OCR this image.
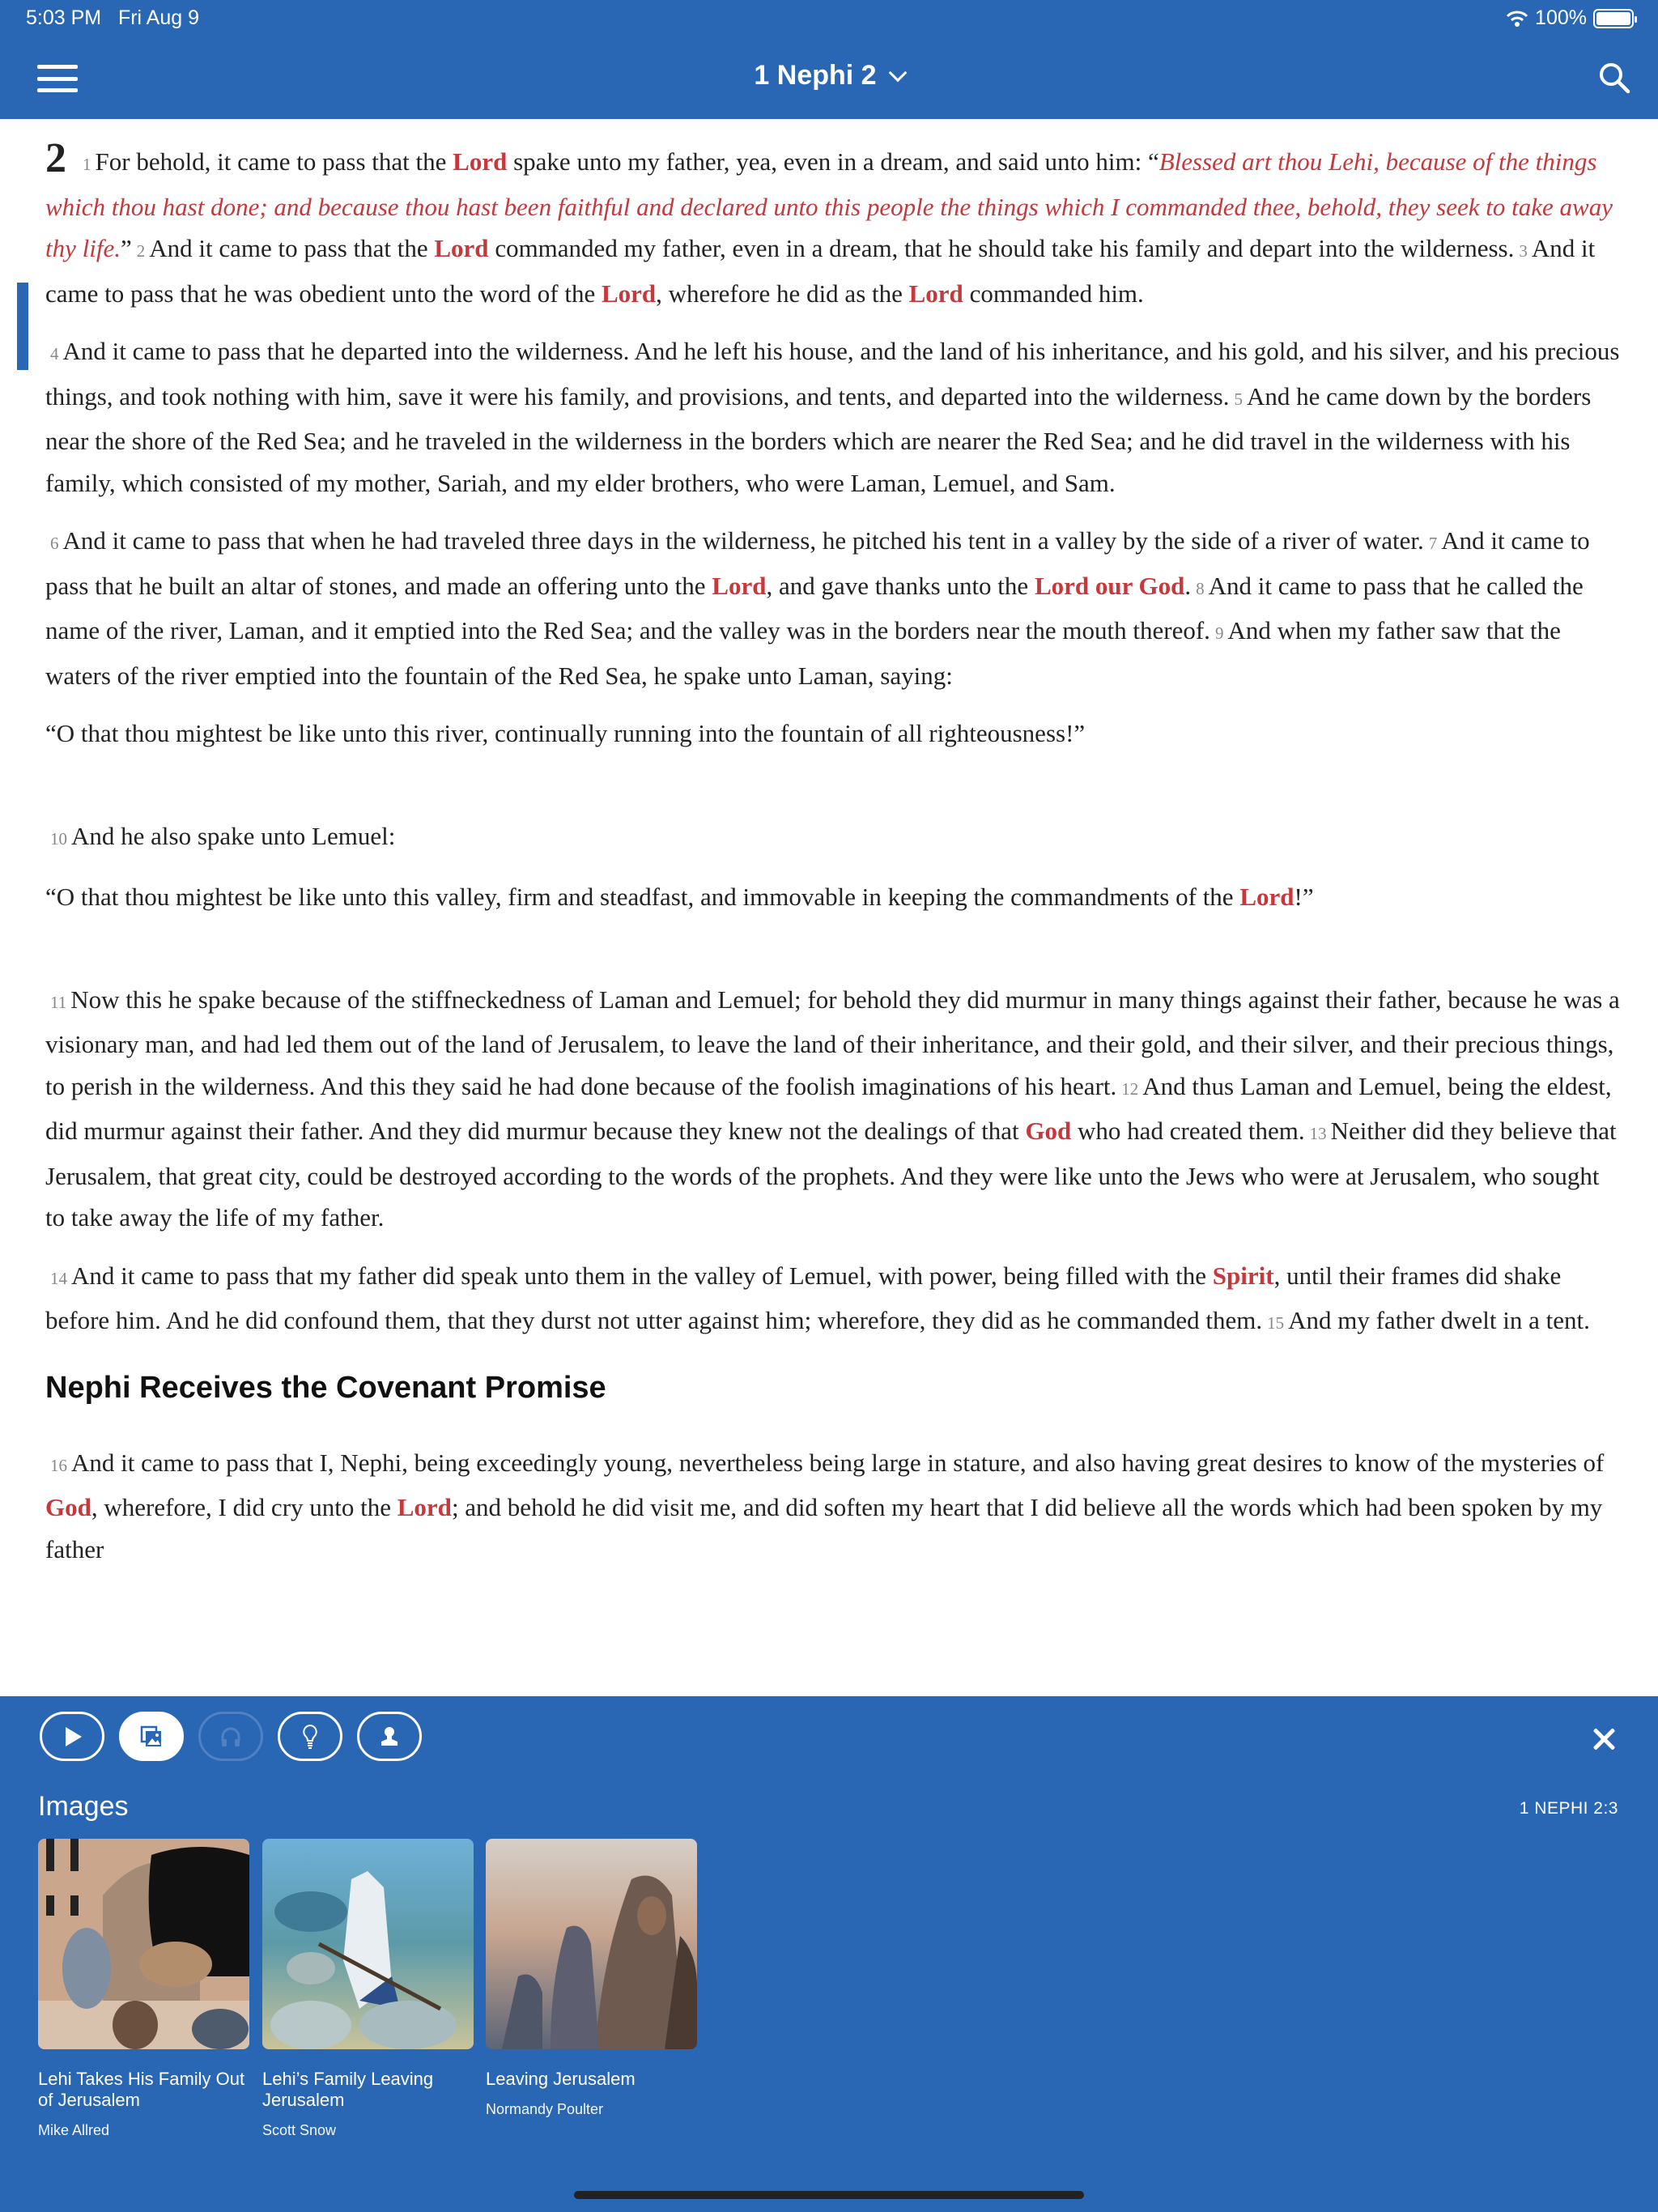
5:03 PM Fri Aug 9	100%
1 Nephi 2

2 1 For behold, it came to pass that the Lord spake unto my father, yea, even in a dream, and said unto him: “Blessed art thou Lehi, because of the things which thou hast done; and because thou hast been faithful and declared unto this people the things which I commanded thee, behold, they seek to take away thy life.” 2 And it came to pass that the Lord commanded my father, even in a dream, that he should take his family and depart into the wilderness. 3 And it came to pass that he was obedient unto the word of the Lord, wherefore he did as the Lord commanded him.

4 And it came to pass that he departed into the wilderness. And he left his house, and the land of his inheritance, and his gold, and his silver, and his precious things, and took nothing with him, save it were his family, and provisions, and tents, and departed into the wilderness. 5 And he came down by the borders near the shore of the Red Sea; and he traveled in the wilderness in the borders which are nearer the Red Sea; and he did travel in the wilderness with his family, which consisted of my mother, Sariah, and my elder brothers, who were Laman, Lemuel, and Sam.

6 And it came to pass that when he had traveled three days in the wilderness, he pitched his tent in a valley by the side of a river of water. 7 And it came to pass that he built an altar of stones, and made an offering unto the Lord, and gave thanks unto the Lord our God. 8 And it came to pass that he called the name of the river, Laman, and it emptied into the Red Sea; and the valley was in the borders near the mouth thereof. 9 And when my father saw that the waters of the river emptied into the fountain of the Red Sea, he spake unto Laman, saying:

“O that thou mightest be like unto this river, continually running into the fountain of all righteousness!”

10 And he also spake unto Lemuel:

“O that thou mightest be like unto this valley, firm and steadfast, and immovable in keeping the commandments of the Lord!”

11 Now this he spake because of the stiffneckedness of Laman and Lemuel; for behold they did murmur in many things against their father, because he was a visionary man, and had led them out of the land of Jerusalem, to leave the land of their inheritance, and their gold, and their silver, and their precious things, to perish in the wilderness. And this they said he had done because of the foolish imaginations of his heart. 12 And thus Laman and Lemuel, being the eldest, did murmur against their father. And they did murmur because they knew not the dealings of that God who had created them. 13 Neither did they believe that Jerusalem, that great city, could be destroyed according to the words of the prophets. And they were like unto the Jews who were at Jerusalem, who sought to take away the life of my father.

14 And it came to pass that my father did speak unto them in the valley of Lemuel, with power, being filled with the Spirit, until their frames did shake before him. And he did confound them, that they durst not utter against him; wherefore, they did as he commanded them. 15 And my father dwelt in a tent.

Nephi Receives the Covenant Promise

16 And it came to pass that I, Nephi, being exceedingly young, nevertheless being large in stature, and also having great desires to know of the mysteries of God, wherefore, I did cry unto the Lord; and behold he did visit me, and did soften my heart that I did believe all the words which had been spoken by my father

Images	1 NEPHI 2:3
Lehi Takes His Family Out of Jerusalem
Mike Allred
Lehi’s Family Leaving Jerusalem
Scott Snow
Leaving Jerusalem
Normandy Poulter
